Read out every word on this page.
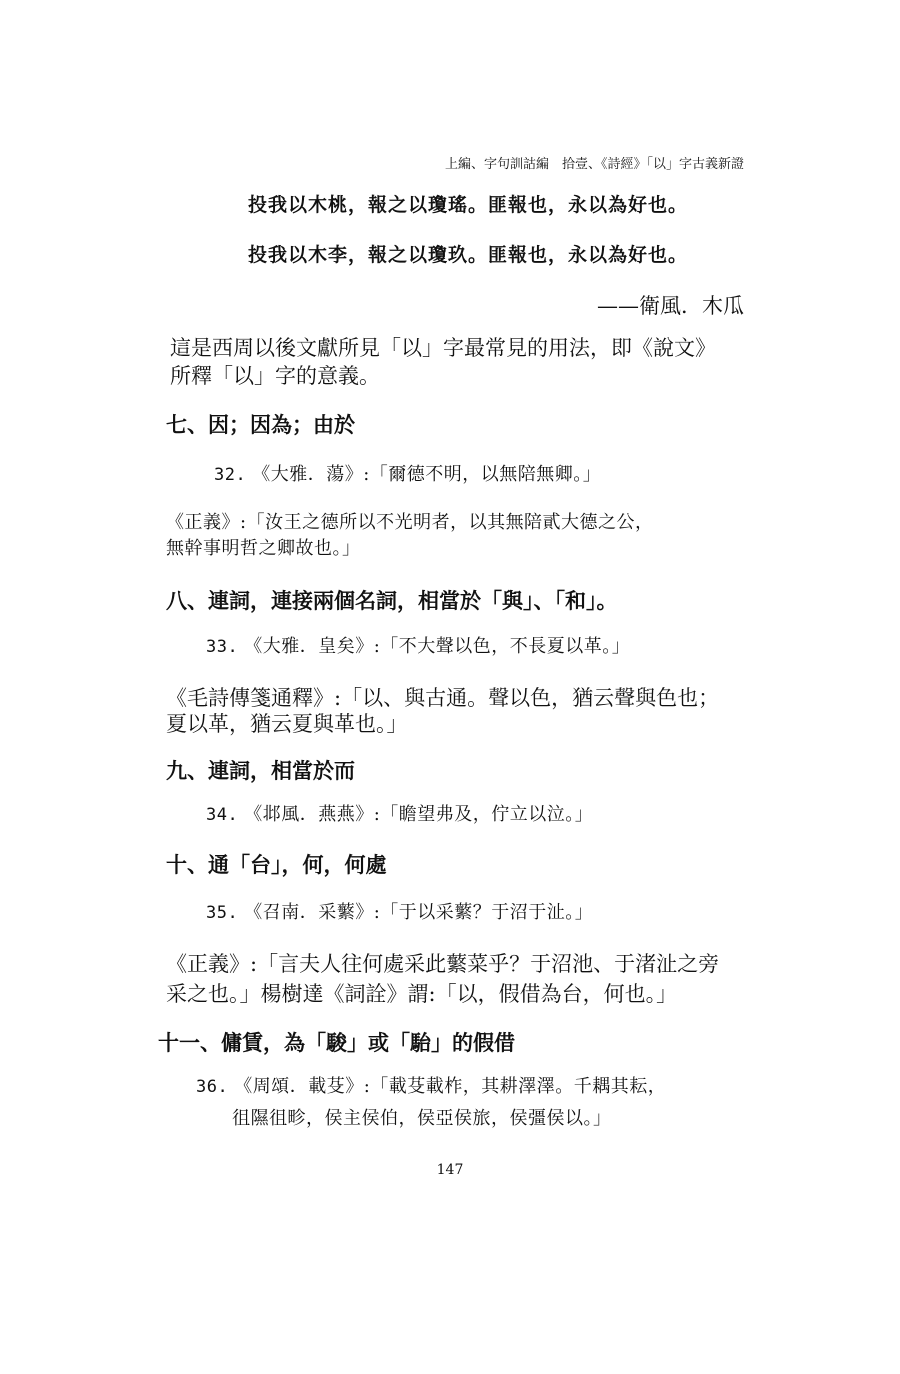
上編、字句訓詁編　拾壹、《詩經》「以」字古義新證
投我以木桃，報之以瓊瑤。匪報也，永以為好也。
投我以木李，報之以瓊玖。匪報也，永以為好也。
——衛風．木瓜
這是西周以後文獻所見「以」字最常見的用法，即《說文》
所釋「以」字的意義。
七、因；因為；由於
32. 《大雅．蕩》:「爾德不明，以無陪無卿。」
《正義》:「汝王之德所以不光明者，以其無陪貳大德之公，
無幹事明哲之卿故也。」
八、連詞，連接兩個名詞，相當於「與」、「和」。
33. 《大雅．皇矣》:「不大聲以色，不長夏以革。」
《毛詩傳箋通釋》:「以、與古通。聲以色，猶云聲與色也；
夏以革，猶云夏與革也。」
九、連詞，相當於而
34. 《邶風．燕燕》:「瞻望弗及，佇立以泣。」
十、通「台」，何，何處
35. 《召南．采蘩》:「于以采蘩？于沼于沚。」
《正義》:「言夫人往何處采此蘩菜乎？于沼池、于渚沚之旁
采之也。」楊樹達《詞詮》謂:「以，假借為台，何也。」
十一、傭賃，為「駿」或「駘」的假借
36. 《周頌．載芟》:「載芟載柞，其耕澤澤。千耦其耘，
徂隰徂畛，侯主侯伯，侯亞侯旅，侯彊侯以。」
147
